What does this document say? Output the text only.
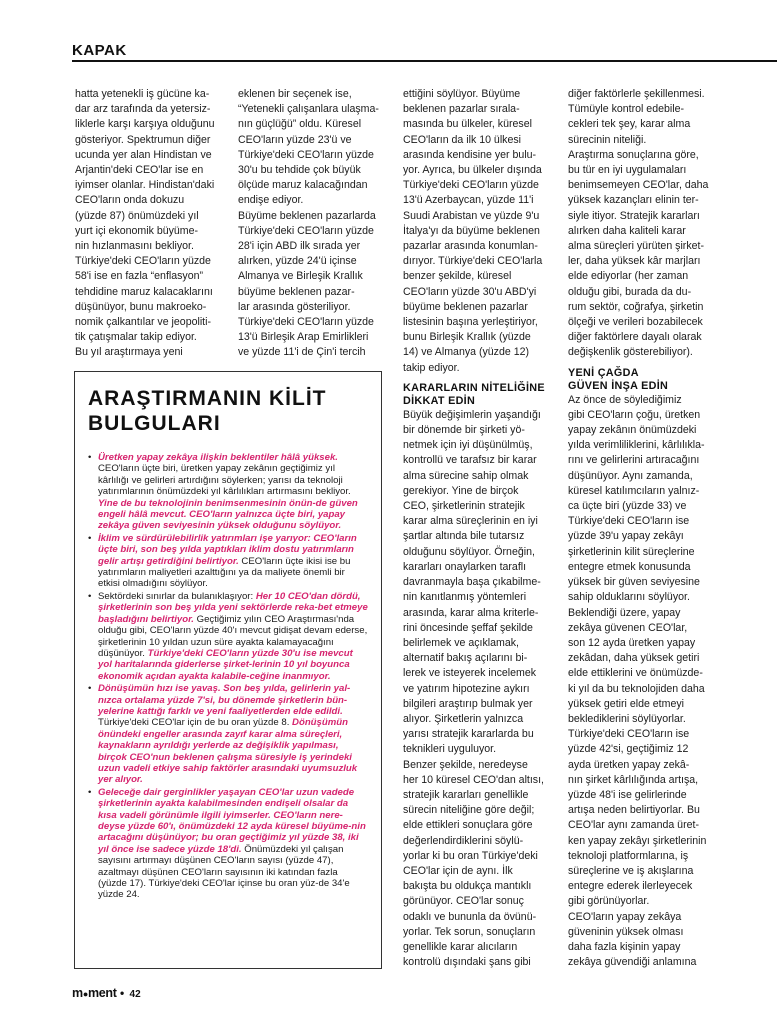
KAPAK

hatta yetenekli iş gücüne ka-

dar arz tarafında da yetersiz-

liklerle karşı karşıya olduğunu

gösteriyor. Spektrumun diğer

ucunda yer alan Hindistan ve

Arjantin'deki CEO'lar ise en

iyimser olanlar. Hindistan'daki

CEO'ların onda dokuzu

(yüzde 87) önümüzdeki yıl

yurt içi ekonomik büyüme-

nin hızlanmasını bekliyor.

Türkiye'deki CEO'ların yüzde

58'i ise en fazla “enflasyon”

tehdidine maruz kalacaklarını

düşünüyor, bunu makroeko-

nomik çalkantılar ve jeopoliti-

tik çatışmalar takip ediyor.

Bu yıl araştırmaya yeni

eklenen bir seçenek ise,

“Yetenekli çalışanlara ulaşma-

nın güçlüğü” oldu. Küresel

CEO'ların yüzde 23'ü ve

Türkiye'deki CEO'ların yüzde

30'u bu tehdide çok büyük

ölçüde maruz kalacağından

endişe ediyor.

Büyüme beklenen pazarlarda

Türkiye'deki CEO'ların yüzde

28'i için ABD ilk sırada yer

alırken, yüzde 24'ü içinse

Almanya ve Birleşik Krallık

büyüme beklenen pazar-

lar arasında gösteriliyor.

Türkiye'deki CEO'ların yüzde

13'ü Birleşik Arap Emirlikleri

ve yüzde 11'i de Çin'i tercih

ettiğini söylüyor. Büyüme

beklenen pazarlar sırala-

masında bu ülkeler, küresel

CEO'ların da ilk 10 ülkesi

arasında kendisine yer bulu-

yor. Ayrıca, bu ülkeler dışında

Türkiye'deki CEO'ların yüzde

13'ü Azerbaycan, yüzde 11'i

Suudi Arabistan ve yüzde 9'u

İtalya'yı da büyüme beklenen

pazarlar arasında konumlan-

dırıyor. Türkiye'deki CEO'larla

benzer şekilde, küresel

CEO'ların yüzde 30'u ABD'yi

büyüme beklenen pazarlar

listesinin başına yerleştiriyor,

bunu Birleşik Krallık (yüzde

14) ve Almanya (yüzde 12)

takip ediyor.

KARARLARIN NİTELİĞİNE
DİKKAT EDİN

Büyük değişimlerin yaşandığı

bir dönemde bir şirketi yö-

netmek için iyi düşünülmüş,

kontrollü ve tarafsız bir karar

alma sürecine sahip olmak

gerekiyor. Yine de birçok

CEO, şirketlerinin stratejik

karar alma süreçlerinin en iyi

şartlar altında bile tutarsız

olduğunu söylüyor. Örneğin,

kararları onaylarken taraflı

davranmayla başa çıkabilme-

nin kanıtlanmış yöntemleri

arasında, karar alma kriterle-

rini öncesinde şeffaf şekilde

belirlemek ve açıklamak,

alternatif bakış açılarını bi-

lerek ve isteyerek incelemek

ve yatırım hipotezine aykırı

bilgileri araştırıp bulmak yer

alıyor. Şirketlerin yalnızca

yarısı stratejik kararlarda bu

teknikleri uyguluyor.

Benzer şekilde, neredeyse

her 10 küresel CEO'dan altısı,

stratejik kararları genellikle

sürecin niteliğine göre değil;

elde ettikleri sonuçlara göre

değerlendirdiklerini söylü-

yorlar ki bu oran Türkiye'deki

CEO'lar için de aynı. İlk

bakışta bu oldukça mantıklı

görünüyor. CEO'lar sonuç

odaklı ve bununla da övünü-

yorlar. Tek sorun, sonuçların

genellikle karar alıcıların

kontrolü dışındaki şans gibi

diğer faktörlerle şekillenmesi.

Tümüyle kontrol edebile-

cekleri tek şey, karar alma

sürecinin niteliği.

Araştırma sonuçlarına göre,

bu tür en iyi uygulamaları

benimsemeyen CEO'lar, daha

yüksek kazançları elinin ter-

siyle itiyor. Stratejik kararları

alırken daha kaliteli karar

alma süreçleri yürüten şirket-

ler, daha yüksek kâr marjları

elde ediyorlar (her zaman

olduğu gibi, burada da du-

rum sektör, coğrafya, şirketin

ölçeği ve verileri bozabilecek

diğer faktörlere dayalı olarak

değişkenlik gösterebiliyor).

YENİ ÇAĞDA
GÜVEN İNŞA EDİN

Az önce de söylediğimiz

gibi CEO'ların çoğu, üretken

yapay zekânın önümüzdeki

yılda verimliliklerini, kârlılıkla-

rını ve gelirlerini artıracağını

düşünüyor. Aynı zamanda,

küresel katılımcıların yalnız-

ca üçte biri (yüzde 33) ve

Türkiye'deki CEO'ların ise

yüzde 39'u yapay zekâyı

şirketlerinin kilit süreçlerine

entegre etmek konusunda

yüksek bir güven seviyesine

sahip olduklarını söylüyor.

Beklendiği üzere, yapay

zekâya güvenen CEO'lar,

son 12 ayda üretken yapay

zekâdan, daha yüksek getiri

elde ettiklerini ve önümüzde-

ki yıl da bu teknolojiden daha

yüksek getiri elde etmeyi

beklediklerini söylüyorlar.

Türkiye'deki CEO'ların ise

yüzde 42'si, geçtiğimiz 12

ayda üretken yapay zekâ-

nın şirket kârlılığında artışa,

yüzde 48'i ise gelirlerinde

artışa neden belirtiyorlar. Bu

CEO'lar aynı zamanda üret-

ken yapay zekâyı şirketlerinin

teknoloji platformlarına, iş

süreçlerine ve iş akışlarına

entegre ederek ilerleyecek

gibi görünüyorlar.

CEO'ların yapay zekâya

güveninin yüksek olması

daha fazla kişinin yapay

zekâya güvendiği anlamına

ARAŞTIRMANIN KİLİT
BULGULARI
• Üretken yapay zekâya ilişkin beklentiler hâlâ yüksek. CEO'ların üçte biri, üretken yapay zekânın geçtiğimiz yıl kârlılığı ve gelirleri artırdığını söylerken; yarısı da teknoloji yatırımlarının önümüzdeki yıl kârlılıkları artırmasını bekliyor. Yine de bu teknolojinin benimsenmesinin önün-de güven engeli hâlâ mevcut. CEO'ların yalnızca üçte biri, yapay zekâya güven seviyesinin yüksek olduğunu söylüyor.
• İklim ve sürdürülebilirlik yatırımları işe yarıyor: CEO'ların üçte biri, son beş yılda yaptıkları iklim dostu yatırımların gelir artışı getirdiğini belirtiyor. CEO'ların üçte ikisi ise bu yatırımların maliyetleri azalttığını ya da maliyete önemli bir etkisi olmadığını söylüyor.
• Sektördeki sınırlar da bulanıklaşıyor: Her 10 CEO'dan dördü, şirketlerinin son beş yılda yeni sektörlerde reka-bet etmeye başladığını belirtiyor. Geçtiğimiz yılın CEO Araştırması'nda olduğu gibi, CEO'ların yüzde 40'ı mevcut gidişat devam ederse, şirketlerinin 10 yıldan uzun süre ayakta kalamayacağını düşünüyor. Türkiye'deki CEO'ların yüzde 30'u ise mevcut yol haritalarında giderlerse şirket-lerinin 10 yıl boyunca ekonomik açıdan ayakta kalabile-ceğine inanmıyor.
• Dönüşümün hızı ise yavaş. Son beş yılda, gelirlerin yal-nızca ortalama yüzde 7'si, bu dönemde şirketlerin bün-yelerine kattığı farklı ve yeni faaliyetlerden elde edildi. Türkiye'deki CEO'lar için de bu oran yüzde 8. Dönüşümün önündeki engeller arasında zayıf karar alma süreçleri, kaynakların ayrıldığı yerlerde az değişiklik yapılması, birçok CEO'nun beklenen çalışma süresiyle iş yerindeki uzun vadeli etkiye sahip faktörler arasındaki uyumsuzluk yer alıyor.
• Geleceğe dair gerginlikler yaşayan CEO'lar uzun vadede şirketlerinin ayakta kalabilmesinden endişeli olsalar da kısa vadeli görünümle ilgili iyimserler. CEO'ların nere-deyse yüzde 60'ı, önümüzdeki 12 ayda küresel büyüme-nin artacağını düşünüyor; bu oran geçtiğimiz yıl yüzde 38, iki yıl önce ise sadece yüzde 18'di. Önümüzdeki yıl çalışan sayısını artırmayı düşünen CEO'ların sayısı (yüzde 47), azaltmayı düşünen CEO'ların sayısının iki katından fazla (yüzde 17). Türkiye'deki CEO'lar içinse bu oran yüz-de 34'e yüzde 24.
m●ment • 42
